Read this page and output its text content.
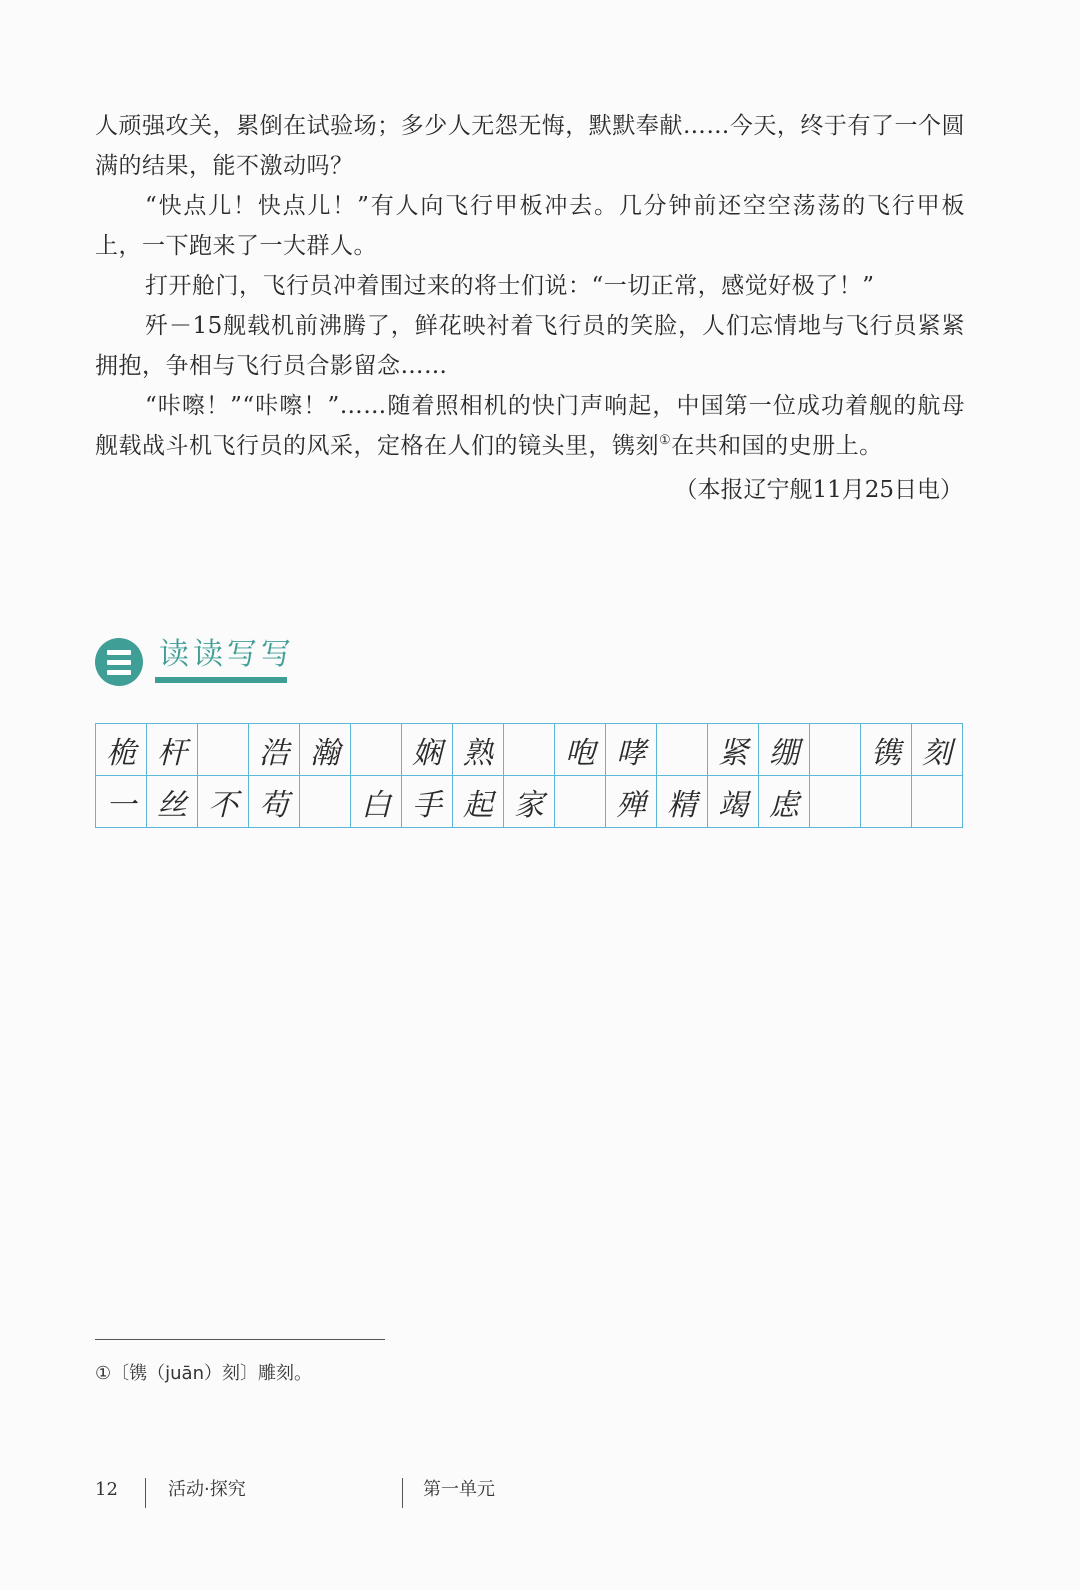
人顽强攻关，累倒在试验场；多少人无怨无悔，默默奉献……今天，终于有了一个圆满的结果，能不激动吗？

“快点儿！快点儿！”有人向飞行甲板冲去。几分钟前还空空荡荡的飞行甲板上，一下跑来了一大群人。

打开舱门，飞行员冲着围过来的将士们说：“一切正常，感觉好极了！”

歼－15舰载机前沸腾了，鲜花映衬着飞行员的笑脸，人们忘情地与飞行员紧紧拥抱，争相与飞行员合影留念……

“咔嚓！”“咔嚓！”……随着照相机的快门声响起，中国第一位成功着舰的航母舰载战斗机飞行员的风采，定格在人们的镜头里，镌刻①在共和国的史册上。

（本报辽宁舰11月25日电）

读读写写
桅 杆	浩 瀚	娴 熟	咆 哮	紧 绷	镌 刻
一 丝 不 苟	白 手 起 家	殚 精 竭 虑
①〔镌（juān）刻〕雕刻。
12	活动·探究	第一单元
